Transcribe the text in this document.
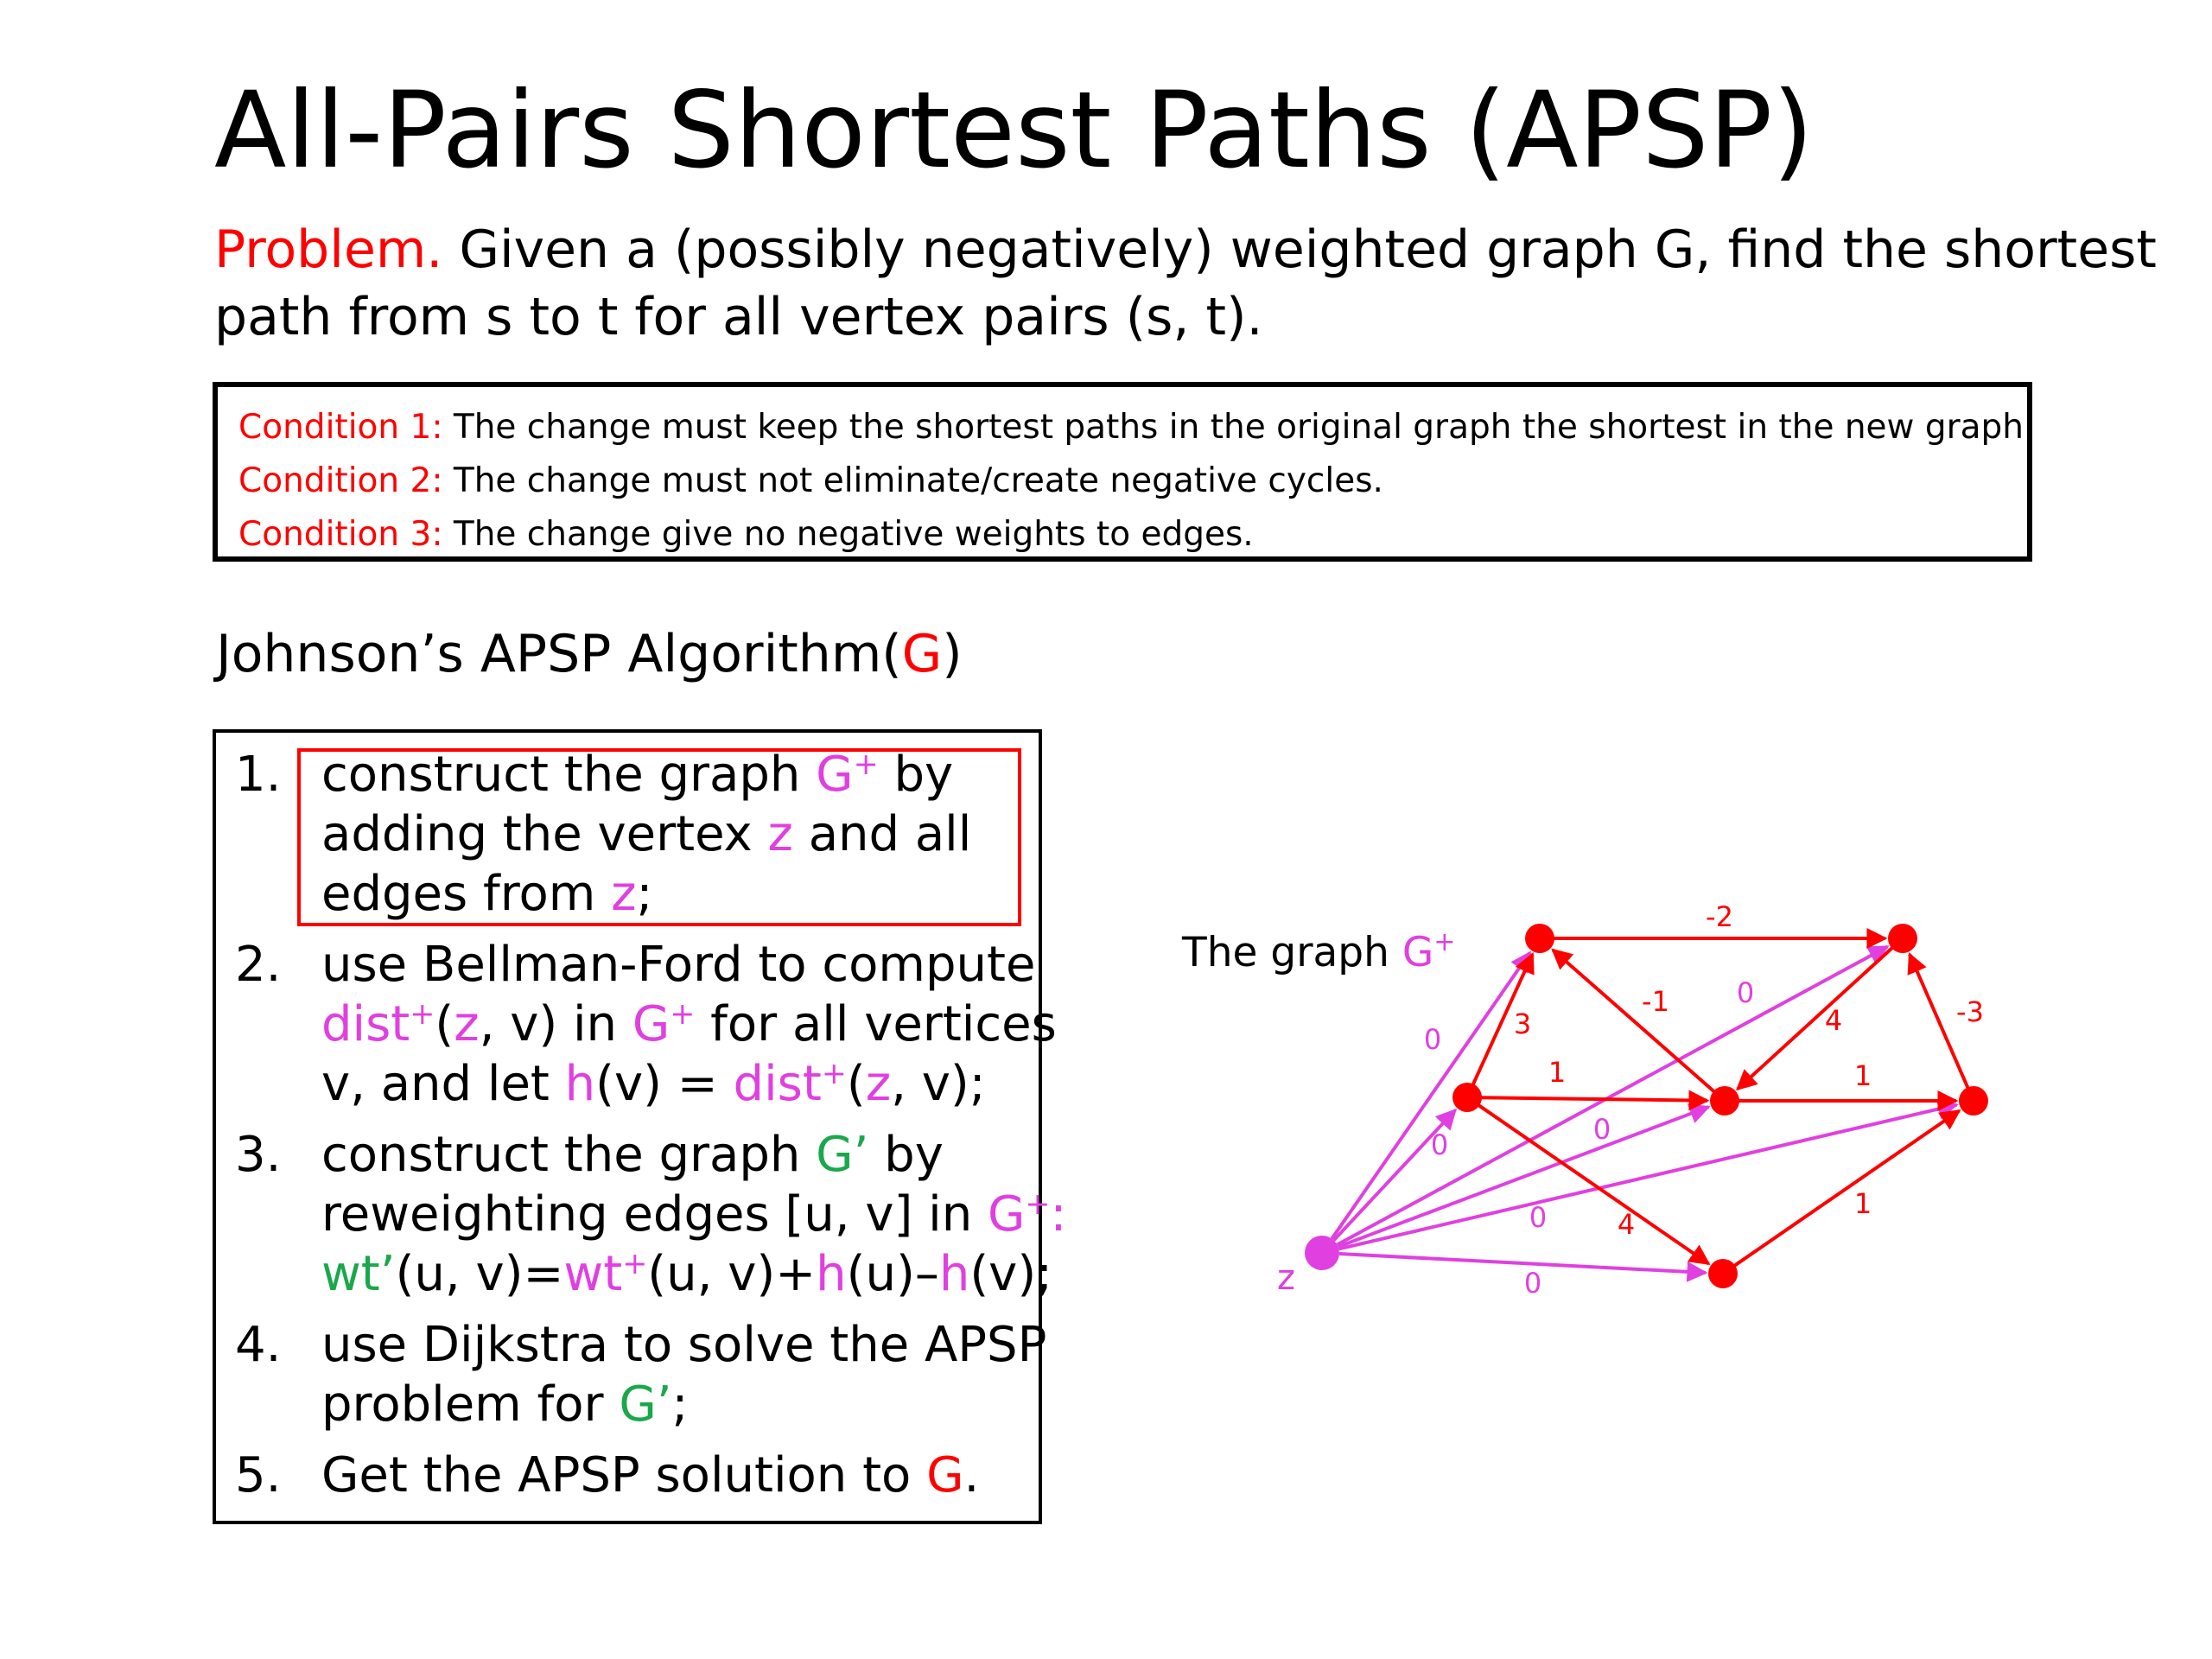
All-Pairs Shortest Paths (APSP)
Problem. Given a (possibly negatively) weighted graph G, find the shortest path from s to t for all vertex pairs (s, t).
Condition 1: The change must keep the shortest paths in the original graph the shortest in the new graph.
Condition 2: The change must not eliminate/create negative cycles.
Condition 3: The change give no negative weights to edges.
Johnson’s APSP Algorithm(G)
1. construct the graph G+ by adding the vertex z and all edges from z;
2. use Bellman-Ford to compute dist+(z, v) in G+ for all vertices v, and let h(v) = dist+(z, v);
3. construct the graph G’ by reweighting edges [u, v] in G+: wt’(u, v)=wt+(u, v)+h(u)–h(v);
4. use Dijkstra to solve the APSP problem for G’;
5. Get the APSP solution to G.
0
0
0
0
0
0
-2
3
-1
4	-3
1	1
4
1
The graph G+
z
